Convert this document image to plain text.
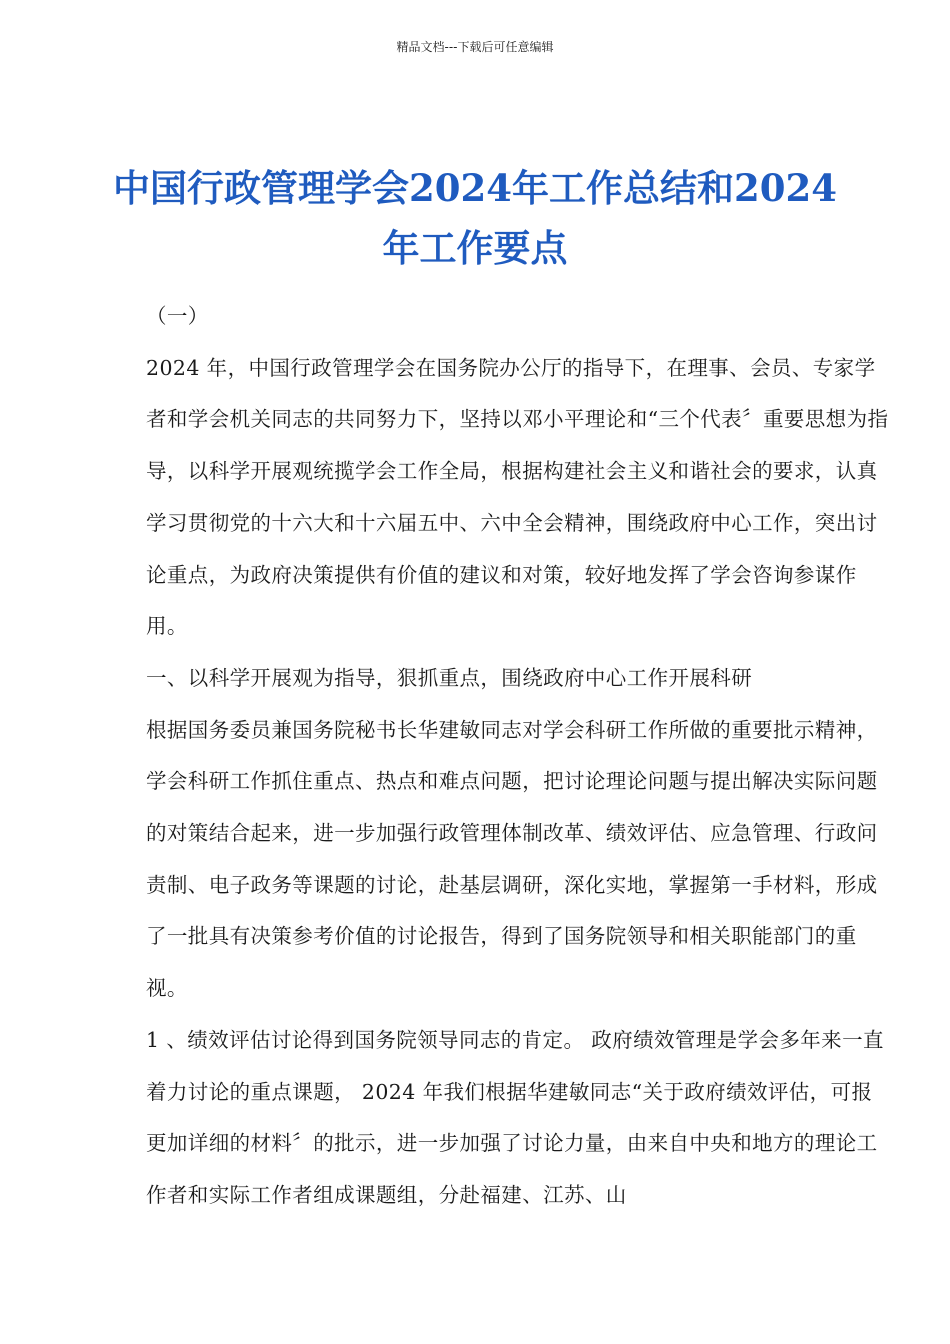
精品文档---下载后可任意编辑
中国行政管理学会2024年工作总结和2024年工作要点

（一）

2024 年，中国行政管理学会在国务院办公厅的指导下，在理事、会员、专家学者和学会机关同志的共同努力下，坚持以邓小平理论和“三个代表〞重要思想为指导，以科学开展观统揽学会工作全局，根据构建社会主义和谐社会的要求，认真学习贯彻党的十六大和十六届五中、六中全会精神，围绕政府中心工作，突出讨论重点，为政府决策提供有价值的建议和对策，较好地发挥了学会咨询参谋作用。

一、以科学开展观为指导，狠抓重点，围绕政府中心工作开展科研

根据国务委员兼国务院秘书长华建敏同志对学会科研工作所做的重要批示精神，学会科研工作抓住重点、热点和难点问题，把讨论理论问题与提出解决实际问题的对策结合起来，进一步加强行政管理体制改革、绩效评估、应急管理、行政问责制、电子政务等课题的讨论，赴基层调研，深化实地，掌握第一手材料，形成了一批具有决策参考价值的讨论报告，得到了国务院领导和相关职能部门的重视。

1 、绩效评估讨论得到国务院领导同志的肯定。 政府绩效管理是学会多年来一直着力讨论的重点课题， 2024 年我们根据华建敏同志“关于政府绩效评估，可报更加详细的材料〞的批示，进一步加强了讨论力量，由来自中央和地方的理论工作者和实际工作者组成课题组，分赴福建、江苏、山
